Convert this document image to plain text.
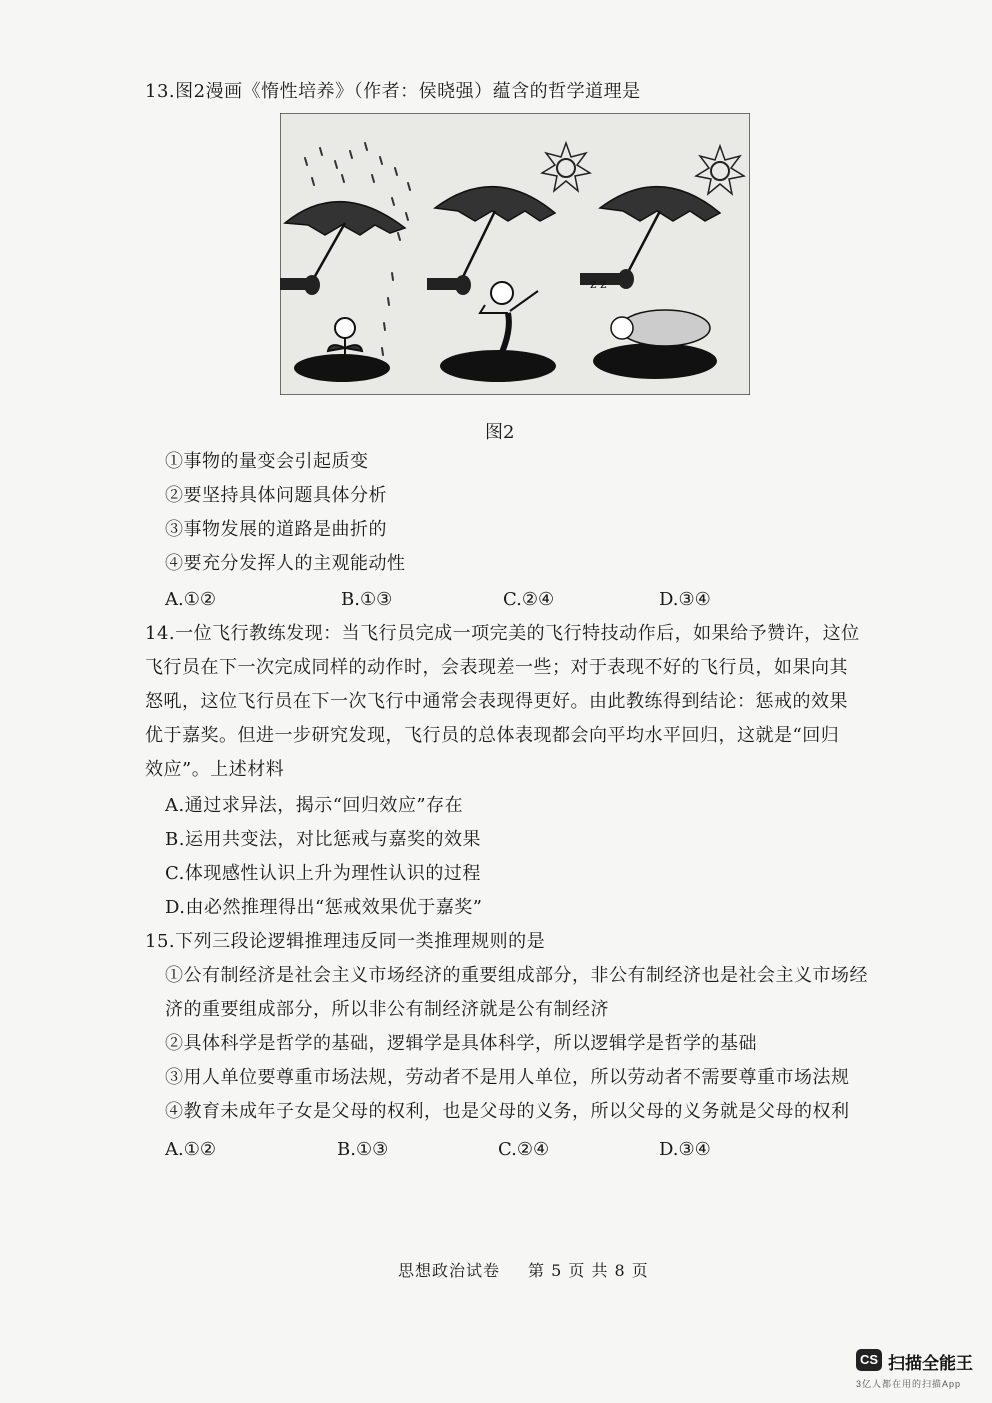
13.图2漫画《惰性培养》（作者：侯晓强）蕴含的哲学道理是
z z
图2
①事物的量变会引起质变
②要坚持具体问题具体分析
③事物发展的道路是曲折的
④要充分发挥人的主观能动性
A.①②	B.①③	C.②④	D.③④
14.一位飞行教练发现：当飞行员完成一项完美的飞行特技动作后，如果给予赞许，这位
飞行员在下一次完成同样的动作时，会表现差一些；对于表现不好的飞行员，如果向其
怒吼，这位飞行员在下一次飞行中通常会表现得更好。由此教练得到结论：惩戒的效果
优于嘉奖。但进一步研究发现，飞行员的总体表现都会向平均水平回归，这就是“回归
效应”。上述材料
A.通过求异法，揭示“回归效应”存在
B.运用共变法，对比惩戒与嘉奖的效果
C.体现感性认识上升为理性认识的过程
D.由必然推理得出“惩戒效果优于嘉奖”
15.下列三段论逻辑推理违反同一类推理规则的是
①公有制经济是社会主义市场经济的重要组成部分，非公有制经济也是社会主义市场经
济的重要组成部分，所以非公有制经济就是公有制经济
②具体科学是哲学的基础，逻辑学是具体科学，所以逻辑学是哲学的基础
③用人单位要尊重市场法规，劳动者不是用人单位，所以劳动者不需要尊重市场法规
④教育未成年子女是父母的权利，也是父母的义务，所以父母的义务就是父母的权利
A.①②	B.①③	C.②④	D.③④
思想政治试卷 第 5 页 共 8 页
CS 扫描全能王
3亿人都在用的扫描App
